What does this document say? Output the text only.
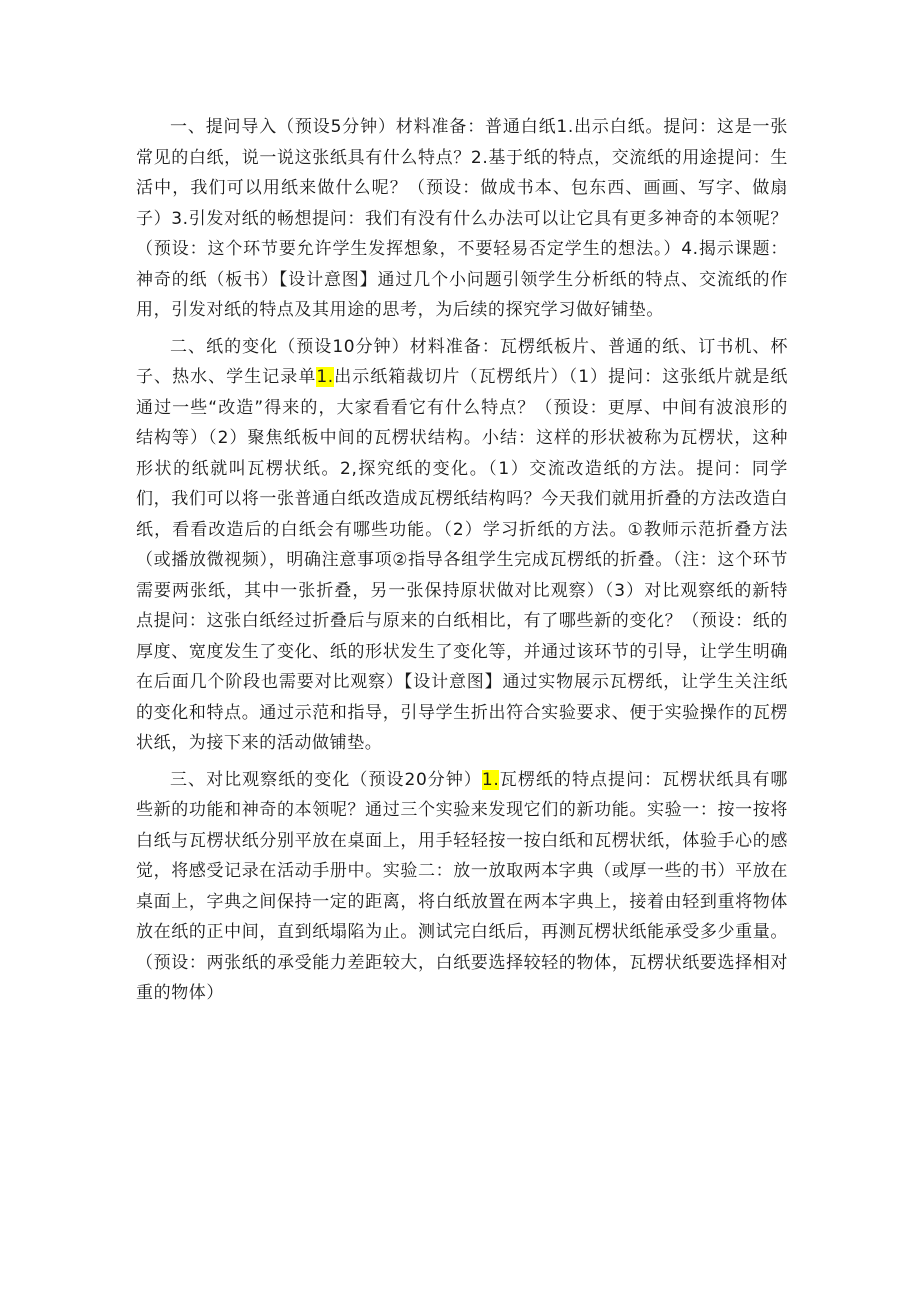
一、提问导入（预设5分钟）材料准备：普通白纸1.出示白纸。提问：这是一张常见的白纸，说一说这张纸具有什么特点？2.基于纸的特点，交流纸的用途提问：生活中，我们可以用纸来做什么呢？（预设：做成书本、包东西、画画、写字、做扇子）3.引发对纸的畅想提问：我们有没有什么办法可以让它具有更多神奇的本领呢？（预设：这个环节要允许学生发挥想象，不要轻易否定学生的想法。）4.揭示课题：神奇的纸（板书）【设计意图】通过几个小问题引领学生分析纸的特点、交流纸的作用，引发对纸的特点及其用途的思考，为后续的探究学习做好铺垫。

二、纸的变化（预设10分钟）材料准备：瓦楞纸板片、普通的纸、订书机、杯子、热水、学生记录单1.出示纸箱裁切片（瓦楞纸片）（1）提问：这张纸片就是纸通过一些“改造”得来的，大家看看它有什么特点？（预设：更厚、中间有波浪形的结构等）（2）聚焦纸板中间的瓦楞状结构。小结：这样的形状被称为瓦楞状，这种形状的纸就叫瓦楞状纸。2,探究纸的变化。（1）交流改造纸的方法。提问：同学们，我们可以将一张普通白纸改造成瓦楞纸结构吗？今天我们就用折叠的方法改造白纸，看看改造后的白纸会有哪些功能。（2）学习折纸的方法。①教师示范折叠方法（或播放微视频），明确注意事项②指导各组学生完成瓦楞纸的折叠。（注：这个环节需要两张纸，其中一张折叠，另一张保持原状做对比观察）（3）对比观察纸的新特点提问：这张白纸经过折叠后与原来的白纸相比，有了哪些新的变化？（预设：纸的厚度、宽度发生了变化、纸的形状发生了变化等，并通过该环节的引导，让学生明确在后面几个阶段也需要对比观察）【设计意图】通过实物展示瓦楞纸，让学生关注纸的变化和特点。通过示范和指导，引导学生折出符合实验要求、便于实验操作的瓦楞状纸，为接下来的活动做铺垫。

三、对比观察纸的变化（预设20分钟）1.瓦楞纸的特点提问：瓦楞状纸具有哪些新的功能和神奇的本领呢？通过三个实验来发现它们的新功能。实验一：按一按将白纸与瓦楞状纸分别平放在桌面上，用手轻轻按一按白纸和瓦楞状纸，体验手心的感觉，将感受记录在活动手册中。实验二：放一放取两本字典（或厚一些的书）平放在桌面上，字典之间保持一定的距离，将白纸放置在两本字典上，接着由轻到重将物体放在纸的正中间，直到纸塌陷为止。测试完白纸后，再测瓦楞状纸能承受多少重量。（预设：两张纸的承受能力差距较大，白纸要选择较轻的物体，瓦楞状纸要选择相对重的物体）
